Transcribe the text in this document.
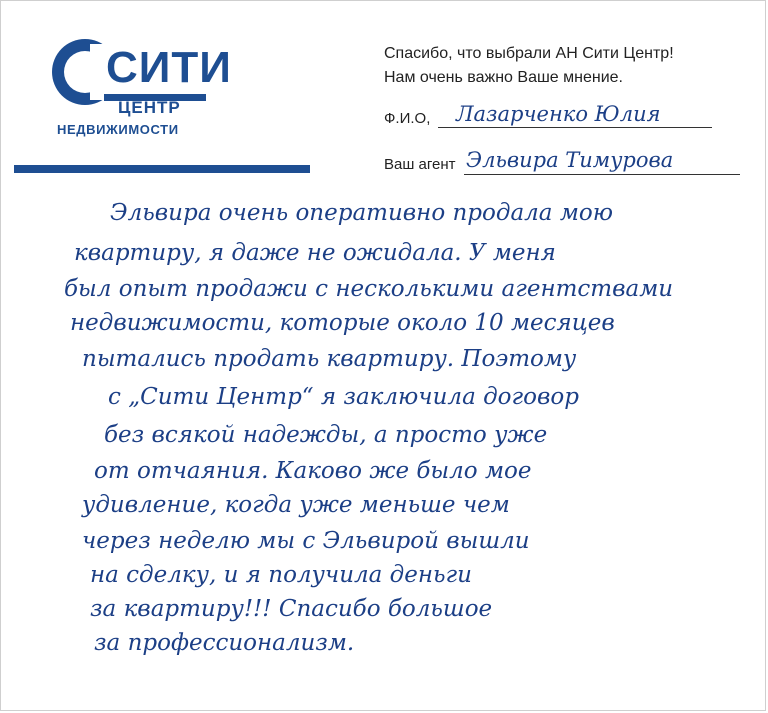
СИТИ
ЦЕНТР
НЕДВИЖИМОСТИ
Спасибо, что выбрали АН Сити Центр!
Нам очень важно Ваше мнение.
Ф.И.О, Лазарченко Юлия
Ваш агент Эльвира Тимурова
Эльвира очень оперативно продала мою
квартиру, я даже не ожидала. У меня
был опыт продажи с несколькими агентствами
недвижимости, которые около 10 месяцев
пытались продать квартиру. Поэтому
с „Сити Центр“ я заключила договор
без всякой надежды, а просто уже
от отчаяния. Каково же было мое
удивление, когда уже меньше чем
через неделю мы с Эльвирой вышли
на сделку, и я получила деньги
за квартиру!!! Спасибо большое
за профессионализм.
